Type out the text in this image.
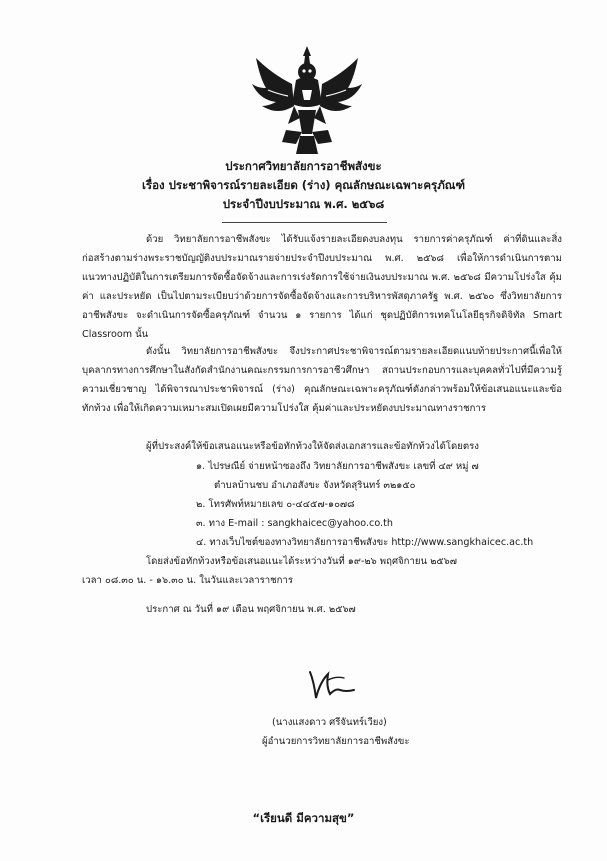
ประกาศวิทยาลัยการอาชีพสังขะ
เรื่อง ประชาพิจารณ์รายละเอียด (ร่าง) คุณลักษณะเฉพาะครุภัณฑ์
ประจำปีงบประมาณ พ.ศ. ๒๕๖๘
ด้วย วิทยาลัยการอาชีพสังขะ ได้รับแจ้งรายละเอียดงบลงทุน รายการค่าครุภัณฑ์ ค่าที่ดินและสิ่งก่อสร้างตามร่างพระราชบัญญัติงบประมาณรายจ่ายประจำปีงบประมาณ พ.ศ. ๒๕๖๘ เพื่อให้การดำเนินการตามแนวทางปฏิบัติในการเตรียมการจัดซื้อจัดจ้างและการเร่งรัดการใช้จ่ายเงินงบประมาณ พ.ศ. ๒๕๖๘ มีความโปร่งใส คุ้มค่า และประหยัด เป็นไปตามระเบียบว่าด้วยการจัดซื้อจัดจ้างและการบริหารพัสดุภาครัฐ พ.ศ. ๒๕๖๐ ซึ่งวิทยาลัยการอาชีพสังขะ จะดำเนินการจัดซื้อครุภัณฑ์ จำนวน ๑ รายการ ได้แก่ ชุดปฏิบัติการเทคโนโลยีธุรกิจดิจิทัล Smart Classroom นั้น
ดังนั้น วิทยาลัยการอาชีพสังขะ จึงประกาศประชาพิจารณ์ตามรายละเอียดแนบท้ายประกาศนี้เพื่อให้บุคลากรทางการศึกษาในสังกัดสำนักงานคณะกรรมการการอาชีวศึกษา สถานประกอบการและบุคคลทั่วไปที่มีความรู้ ความเชี่ยวชาญ ได้พิจารณาประชาพิจารณ์ (ร่าง) คุณลักษณะเฉพาะครุภัณฑ์ดังกล่าวพร้อมให้ข้อเสนอแนะและข้อทักท้วง เพื่อให้เกิดความเหมาะสมเปิดเผยมีความโปร่งใส คุ้มค่าและประหยัดงบประมาณทางราชการ
ผู้ที่ประสงค์ให้ข้อเสนอแนะหรือข้อทักท้วงให้จัดส่งเอกสารและข้อทักท้วงได้โดยตรง
๑. ไปรษณีย์ จ่ายหน้าซองถึง วิทยาลัยการอาชีพสังขะ เลขที่ ๔๙ หมู่ ๗
ตำบลบ้านชบ อำเภอสังขะ จังหวัดสุรินทร์ ๓๒๑๕๐
๒. โทรศัพท์หมายเลข ๐-๔๔๕๗-๑๐๗๘
๓. ทาง E-mail : sangkhaicec@yahoo.co.th
๔. ทางเว็บไซต์ของทางวิทยาลัยการอาชีพสังขะ http://www.sangkhaicec.ac.th
โดยส่งข้อทักท้วงหรือข้อเสนอแนะได้ระหว่างวันที่ ๑๙-๒๖ พฤศจิกายน ๒๕๖๗
เวลา ๐๘.๓๐ น. - ๑๖.๓๐ น. ในวันและเวลาราชการ
ประกาศ ณ วันที่ ๑๙ เดือน พฤศจิกายน พ.ศ. ๒๕๖๗
(นางแสงดาว ศรีจันทร์เวียง)
ผู้อำนวยการวิทยาลัยการอาชีพสังขะ
“เรียนดี มีความสุข”
